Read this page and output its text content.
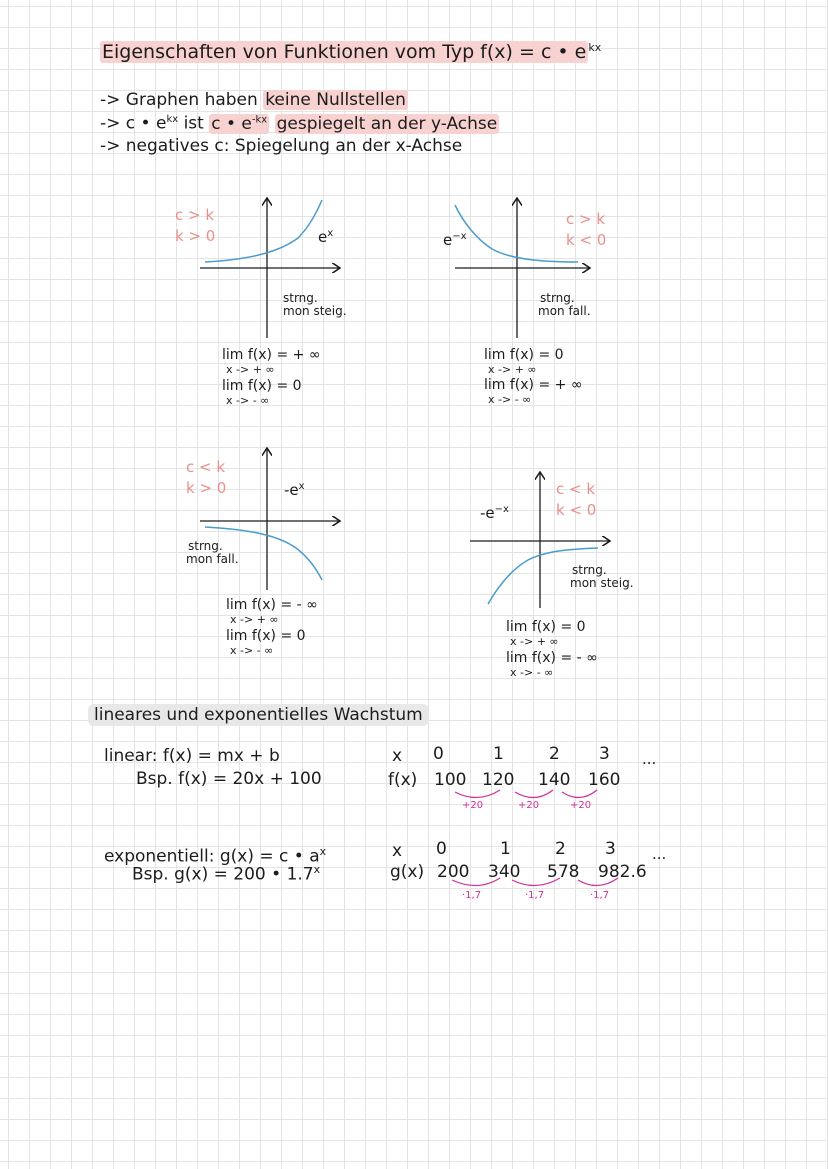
Eigenschaften von Funktionen vom Typ f(x) = c • e $^{kx}$
-> Graphen haben keine Nullstellen
-> c • $e^{kx}$ ist c • $e^{-kx}$ gespiegelt an der y-Achse
-> negatives c: Spiegelung an der x-Achse
c > k
k > 0	$e^x$
strng.
mon steig.
lim f(x) = + ∞
x -> + ∞
lim f(x) = 0
x -> - ∞
c > k
k < 0
$e^{-x}$
strng.
mon fall.
lim f(x) = 0
x -> + ∞
lim f(x) = + ∞
x -> - ∞
c < k
k > 0	$-e^x$
strng.
mon fall.
lim f(x) = - ∞
x -> + ∞
lim f(x) = 0
x -> - ∞
c < k
k < 0
$-e^{-x}$
strng.
mon steig.
lim f(x) = 0
x -> + ∞
lim f(x) = - ∞
x -> - ∞
lineares und exponentielles Wachstum
linear: f(x) = mx + b
Bsp. f(x) = 20x + 100
x 0	1	2 3 ...
f(x) 100 120 140 160
+20	+20	+20
exponentiell: g(x) = c • $a^x$
Bsp. g(x) = 200 • 1.7$^x$
x 0	1	2 3 ...
g(x) 200 340 578 982.6
·1,7	·1,7	·1,7
